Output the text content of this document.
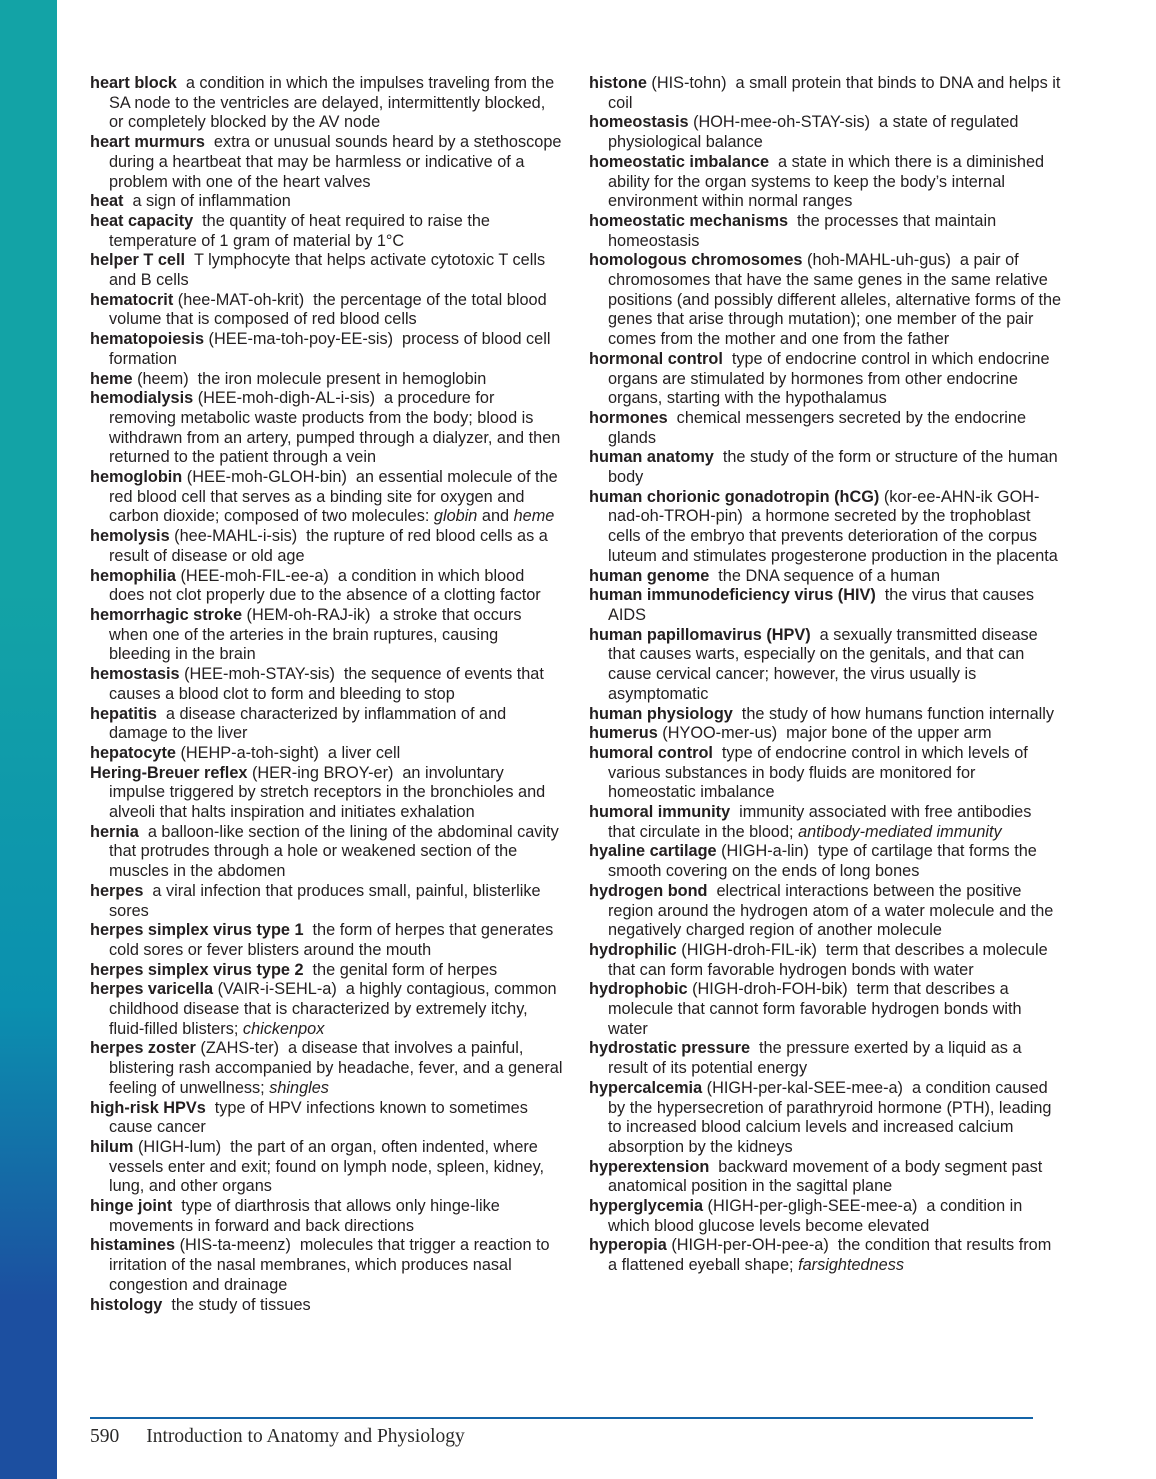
heart block a condition in which the impulses traveling from the SA node to the ventricles are delayed, intermittently blocked, or completely blocked by the AV node

heart murmurs extra or unusual sounds heard by a stethoscope during a heartbeat that may be harmless or indicative of a problem with one of the heart valves

heat a sign of inflammation

heat capacity the quantity of heat required to raise the temperature of 1 gram of material by 1°C

helper T cell T lymphocyte that helps activate cytotoxic T cells and B cells

hematocrit (hee-MAT-oh-krit) the percentage of the total blood volume that is composed of red blood cells

hematopoiesis (HEE-ma-toh-poy-EE-sis) process of blood cell formation

heme (heem) the iron molecule present in hemoglobin

hemodialysis (HEE-moh-digh-AL-i-sis) a procedure for removing metabolic waste products from the body; blood is withdrawn from an artery, pumped through a dialyzer, and then returned to the patient through a vein

hemoglobin (HEE-moh-GLOH-bin) an essential molecule of the red blood cell that serves as a binding site for oxygen and carbon dioxide; composed of two molecules: globin and heme

hemolysis (hee-MAHL-i-sis) the rupture of red blood cells as a result of disease or old age

hemophilia (HEE-moh-FIL-ee-a) a condition in which blood does not clot properly due to the absence of a clotting factor

hemorrhagic stroke (HEM-oh-RAJ-ik) a stroke that occurs when one of the arteries in the brain ruptures, causing bleeding in the brain

hemostasis (HEE-moh-STAY-sis) the sequence of events that causes a blood clot to form and bleeding to stop

hepatitis a disease characterized by inflammation of and damage to the liver

hepatocyte (HEHP-a-toh-sight) a liver cell

Hering-Breuer reflex (HER-ing BROY-er) an involuntary impulse triggered by stretch receptors in the bronchioles and alveoli that halts inspiration and initiates exhalation

hernia a balloon-like section of the lining of the abdominal cavity that protrudes through a hole or weakened section of the muscles in the abdomen

herpes a viral infection that produces small, painful, blisterlike sores

herpes simplex virus type 1 the form of herpes that generates cold sores or fever blisters around the mouth

herpes simplex virus type 2 the genital form of herpes

herpes varicella (VAIR-i-SEHL-a) a highly contagious, common childhood disease that is characterized by extremely itchy, fluid-filled blisters; chickenpox

herpes zoster (ZAHS-ter) a disease that involves a painful, blistering rash accompanied by headache, fever, and a general feeling of unwellness; shingles

high-risk HPVs type of HPV infections known to sometimes cause cancer

hilum (HIGH-lum) the part of an organ, often indented, where vessels enter and exit; found on lymph node, spleen, kidney, lung, and other organs

hinge joint type of diarthrosis that allows only hinge-like movements in forward and back directions

histamines (HIS-ta-meenz) molecules that trigger a reaction to irritation of the nasal membranes, which produces nasal congestion and drainage

histology the study of tissues

histone (HIS-tohn) a small protein that binds to DNA and helps it coil

homeostasis (HOH-mee-oh-STAY-sis) a state of regulated physiological balance

homeostatic imbalance a state in which there is a diminished ability for the organ systems to keep the body’s internal environment within normal ranges

homeostatic mechanisms the processes that maintain homeostasis

homologous chromosomes (hoh-MAHL-uh-gus) a pair of chromosomes that have the same genes in the same relative positions (and possibly different alleles, alternative forms of the genes that arise through mutation); one member of the pair comes from the mother and one from the father

hormonal control type of endocrine control in which endocrine organs are stimulated by hormones from other endocrine organs, starting with the hypothalamus

hormones chemical messengers secreted by the endocrine glands

human anatomy the study of the form or structure of the human body

human chorionic gonadotropin (hCG) (kor-ee-AHN-ik GOH-nad-oh-TROH-pin) a hormone secreted by the trophoblast cells of the embryo that prevents deterioration of the corpus luteum and stimulates progesterone production in the placenta

human genome the DNA sequence of a human

human immunodeficiency virus (HIV) the virus that causes AIDS

human papillomavirus (HPV) a sexually transmitted disease that causes warts, especially on the genitals, and that can cause cervical cancer; however, the virus usually is asymptomatic

human physiology the study of how humans function internally

humerus (HYOO-mer-us) major bone of the upper arm

humoral control type of endocrine control in which levels of various substances in body fluids are monitored for homeostatic imbalance

humoral immunity immunity associated with free antibodies that circulate in the blood; antibody-mediated immunity

hyaline cartilage (HIGH-a-lin) type of cartilage that forms the smooth covering on the ends of long bones

hydrogen bond electrical interactions between the positive region around the hydrogen atom of a water molecule and the negatively charged region of another molecule

hydrophilic (HIGH-droh-FIL-ik) term that describes a molecule that can form favorable hydrogen bonds with water

hydrophobic (HIGH-droh-FOH-bik) term that describes a molecule that cannot form favorable hydrogen bonds with water

hydrostatic pressure the pressure exerted by a liquid as a result of its potential energy

hypercalcemia (HIGH-per-kal-SEE-mee-a) a condition caused by the hypersecretion of parathryroid hormone (PTH), leading to increased blood calcium levels and increased calcium absorption by the kidneys

hyperextension backward movement of a body segment past anatomical position in the sagittal plane

hyperglycemia (HIGH-per-gligh-SEE-mee-a) a condition in which blood glucose levels become elevated

hyperopia (HIGH-per-OH-pee-a) the condition that results from a flattened eyeball shape; farsightedness

590 Introduction to Anatomy and Physiology
